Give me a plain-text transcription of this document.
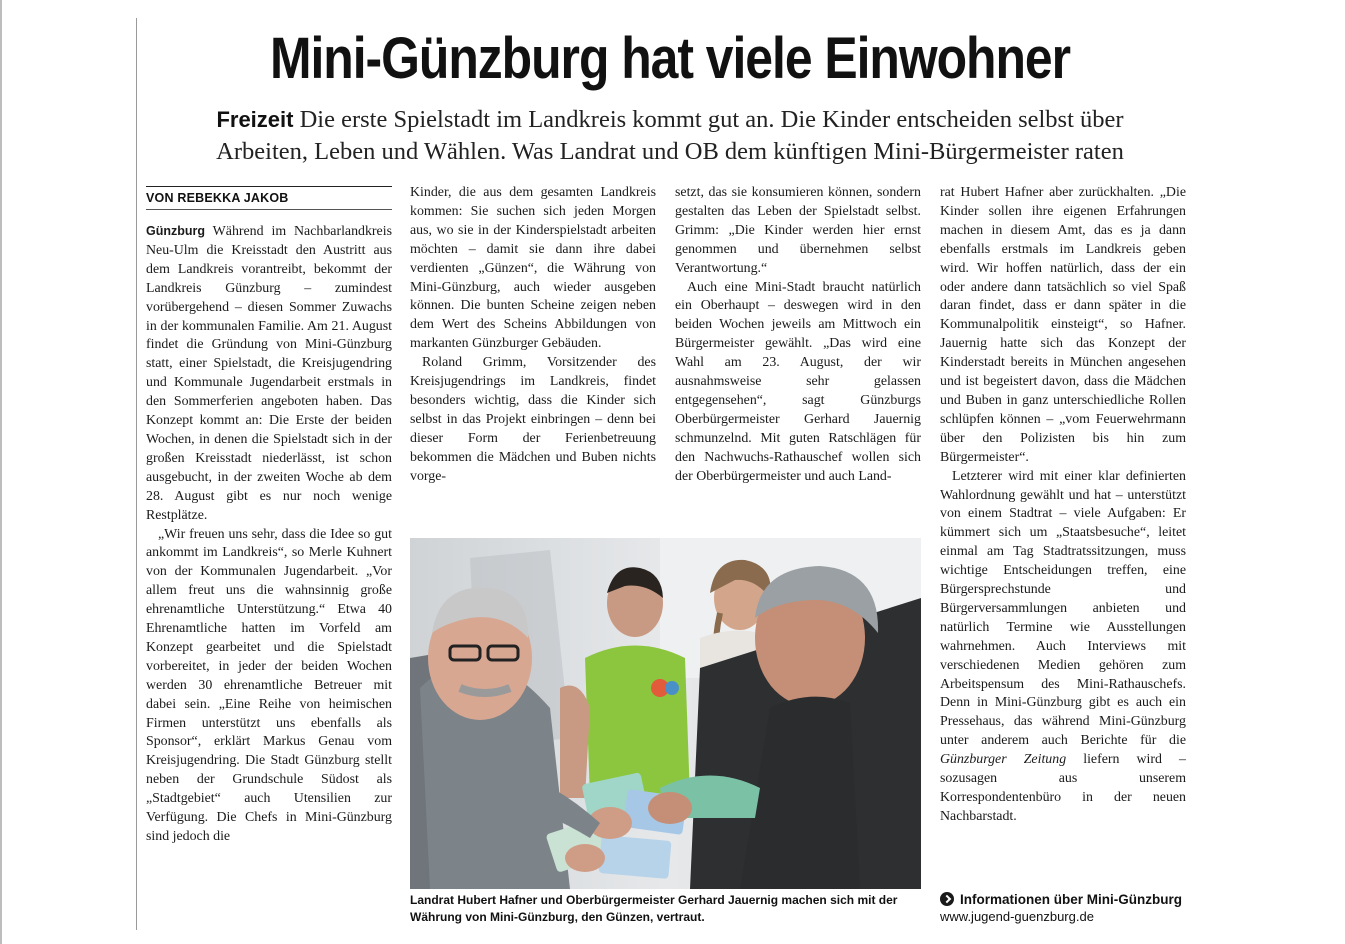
Mini-Günzburg hat viele Einwohner
Freizeit Die erste Spielstadt im Landkreis kommt gut an. Die Kinder entscheiden selbst über
Arbeiten, Leben und Wählen. Was Landrat und OB dem künftigen Mini-Bürgermeister raten
VON REBEKKA JAKOB

Günzburg Während im Nachbarlandkreis Neu-Ulm die Kreisstadt den Austritt aus dem Landkreis vorantreibt, bekommt der Landkreis Günzburg – zumindest vorübergehend – diesen Sommer Zuwachs in der kommunalen Familie. Am 21. August findet die Gründung von Mini-Günzburg statt, einer Spielstadt, die Kreisjugendring und Kommunale Jugendarbeit erstmals in den Sommerferien angeboten haben. Das Konzept kommt an: Die Erste der beiden Wochen, in denen die Spielstadt sich in der großen Kreisstadt niederlässt, ist schon ausgebucht, in der zweiten Woche ab dem 28. August gibt es nur noch wenige Restplätze.

„Wir freuen uns sehr, dass die Idee so gut ankommt im Landkreis“, so Merle Kuhnert von der Kommunalen Jugendarbeit. „Vor allem freut uns die wahnsinnig große ehrenamtliche Unterstützung.“ Etwa 40 Ehrenamtliche hatten im Vorfeld am Konzept gearbeitet und die Spielstadt vorbereitet, in jeder der beiden Wochen werden 30 ehrenamtliche Betreuer mit dabei sein. „Eine Reihe von heimischen Firmen unterstützt uns ebenfalls als Sponsor“, erklärt Markus Genau vom Kreisjugendring. Die Stadt Günzburg stellt neben der Grundschule Südost als „Stadtgebiet“ auch Utensilien zur Verfügung. Die Chefs in Mini-Günzburg sind jedoch die

Kinder, die aus dem gesamten Landkreis kommen: Sie suchen sich jeden Morgen aus, wo sie in der Kinderspielstadt arbeiten möchten – damit sie dann ihre dabei verdienten „Günzen“, die Währung von Mini-Günzburg, auch wieder ausgeben können. Die bunten Scheine zeigen neben dem Wert des Scheins Abbildungen von markanten Günzburger Gebäuden.

Roland Grimm, Vorsitzender des Kreisjugendrings im Landkreis, findet besonders wichtig, dass die Kinder sich selbst in das Projekt einbringen – denn bei dieser Form der Ferienbetreuung bekommen die Mädchen und Buben nichts vorge-

setzt, das sie konsumieren können, sondern gestalten das Leben der Spielstadt selbst. Grimm: „Die Kinder werden hier ernst genommen und übernehmen selbst Verantwortung.“

Auch eine Mini-Stadt braucht natürlich ein Oberhaupt – deswegen wird in den beiden Wochen jeweils am Mittwoch ein Bürgermeister gewählt. „Das wird eine Wahl am 23. August, der wir ausnahmsweise sehr gelassen entgegensehen“, sagt Günzburgs Oberbürgermeister Gerhard Jauernig schmunzelnd. Mit guten Ratschlägen für den Nachwuchs-Rathauschef wollen sich der Oberbürgermeister und auch Land-

rat Hubert Hafner aber zurückhalten. „Die Kinder sollen ihre eigenen Erfahrungen machen in diesem Amt, das es ja dann ebenfalls erstmals im Landkreis geben wird. Wir hoffen natürlich, dass der ein oder andere dann tatsächlich so viel Spaß daran findet, dass er dann später in die Kommunalpolitik einsteigt“, so Hafner. Jauernig hatte sich das Konzept der Kinderstadt bereits in München angesehen und ist begeistert davon, dass die Mädchen und Buben in ganz unterschiedliche Rollen schlüpfen können – „vom Feuerwehrmann über den Polizisten bis hin zum Bürgermeister“.

Letzterer wird mit einer klar definierten Wahlordnung gewählt und hat – unterstützt von einem Stadtrat – viele Aufgaben: Er kümmert sich um „Staatsbesuche“, leitet einmal am Tag Stadtratssitzungen, muss wichtige Entscheidungen treffen, eine Bürgersprechstunde und Bürgerversammlungen anbieten und natürlich Termine wie Ausstellungen wahrnehmen. Auch Interviews mit verschiedenen Medien gehören zum Arbeitspensum des Mini-Rathauschefs. Denn in Mini-Günzburg gibt es auch ein Pressehaus, das während Mini-Günzburg unter anderem auch Berichte für die Günzburger Zeitung liefern wird – sozusagen aus unserem Korrespondentenbüro in der neuen Nachbarstadt.

Landrat Hubert Hafner und Oberbürgermeister Gerhard Jauernig machen sich mit der Währung von Mini-Günzburg, den Günzen, vertraut.
Informationen über Mini-Günzburg
www.jugend-guenzburg.de
